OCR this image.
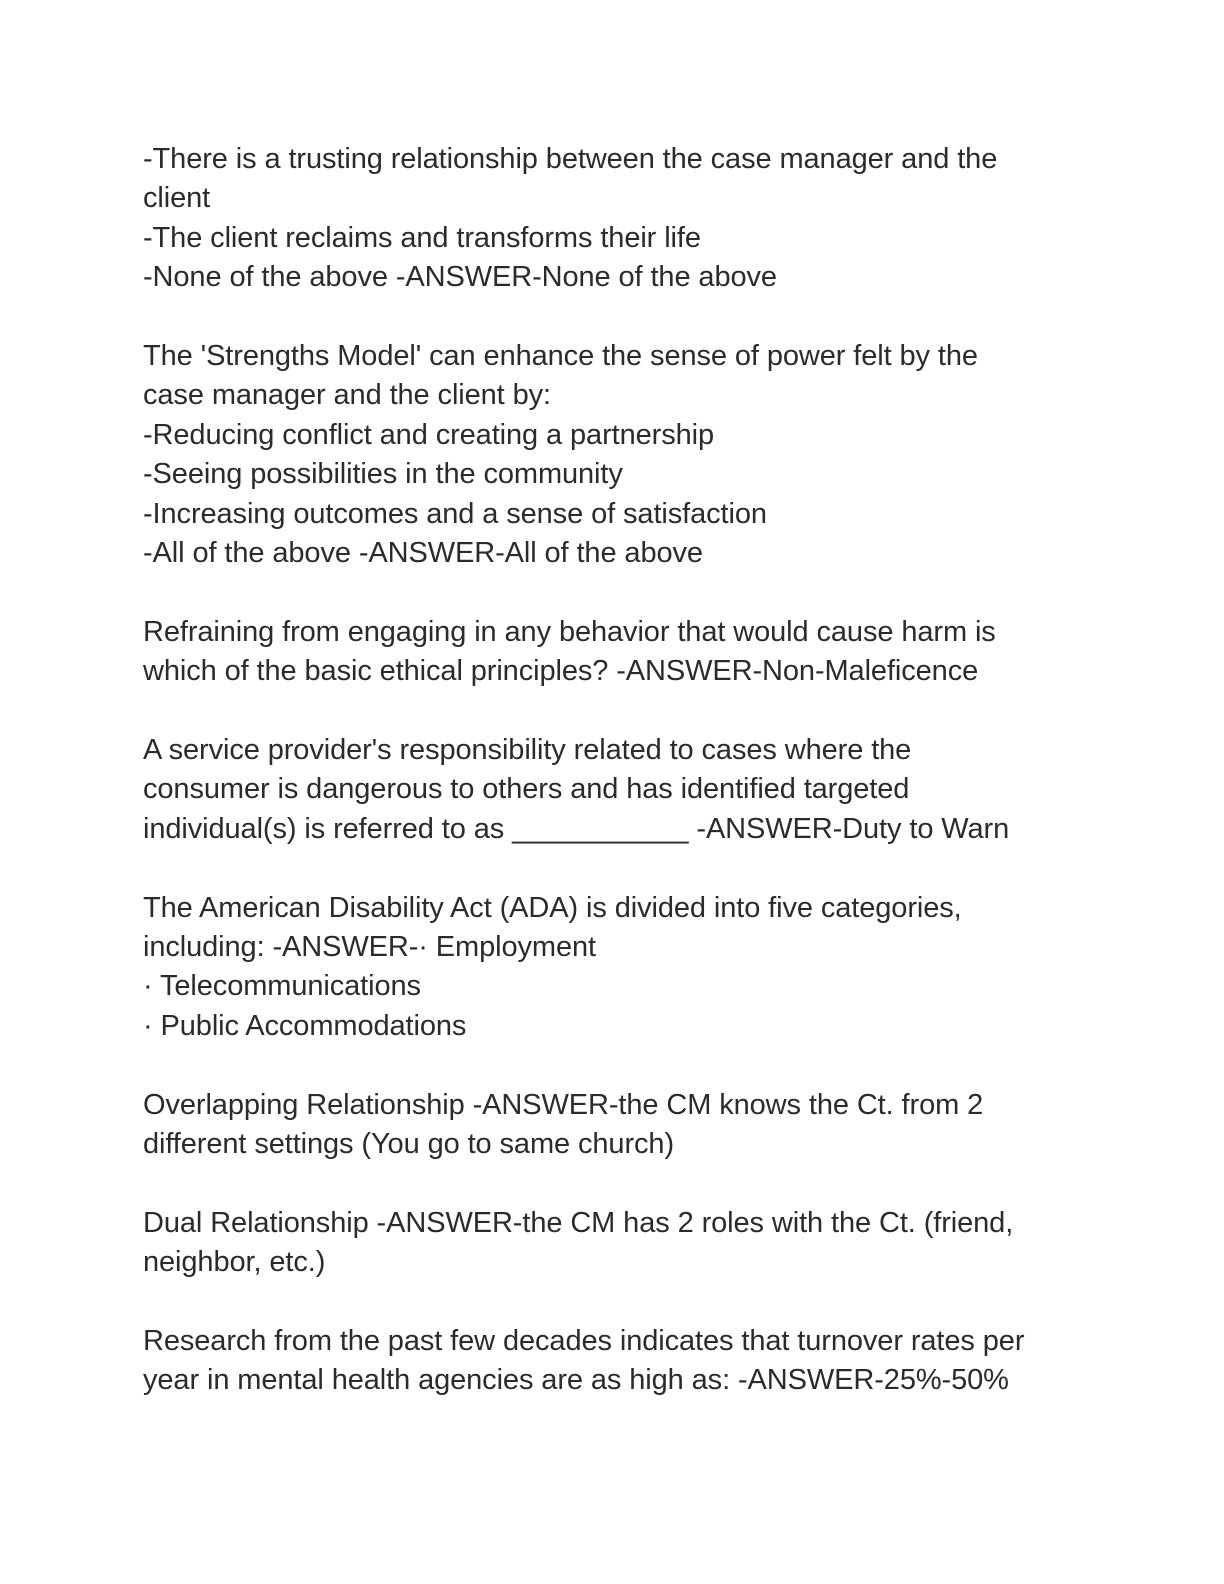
-There is a trusting relationship between the case manager and the
client
-The client reclaims and transforms their life
-None of the above -ANSWER-None of the above
The 'Strengths Model' can enhance the sense of power felt by the
case manager and the client by:
-Reducing conflict and creating a partnership
-Seeing possibilities in the community
-Increasing outcomes and a sense of satisfaction
-All of the above -ANSWER-All of the above
Refraining from engaging in any behavior that would cause harm is
which of the basic ethical principles? -ANSWER-Non-Maleficence
A service provider's responsibility related to cases where the
consumer is dangerous to others and has identified targeted
individual(s) is referred to as ___________ -ANSWER-Duty to Warn
The American Disability Act (ADA) is divided into five categories,
including: -ANSWER-· Employment
· Telecommunications
· Public Accommodations
Overlapping Relationship -ANSWER-the CM knows the Ct. from 2
different settings (You go to same church)
Dual Relationship -ANSWER-the CM has 2 roles with the Ct. (friend,
neighbor, etc.)
Research from the past few decades indicates that turnover rates per
year in mental health agencies are as high as: -ANSWER-25%-50%
